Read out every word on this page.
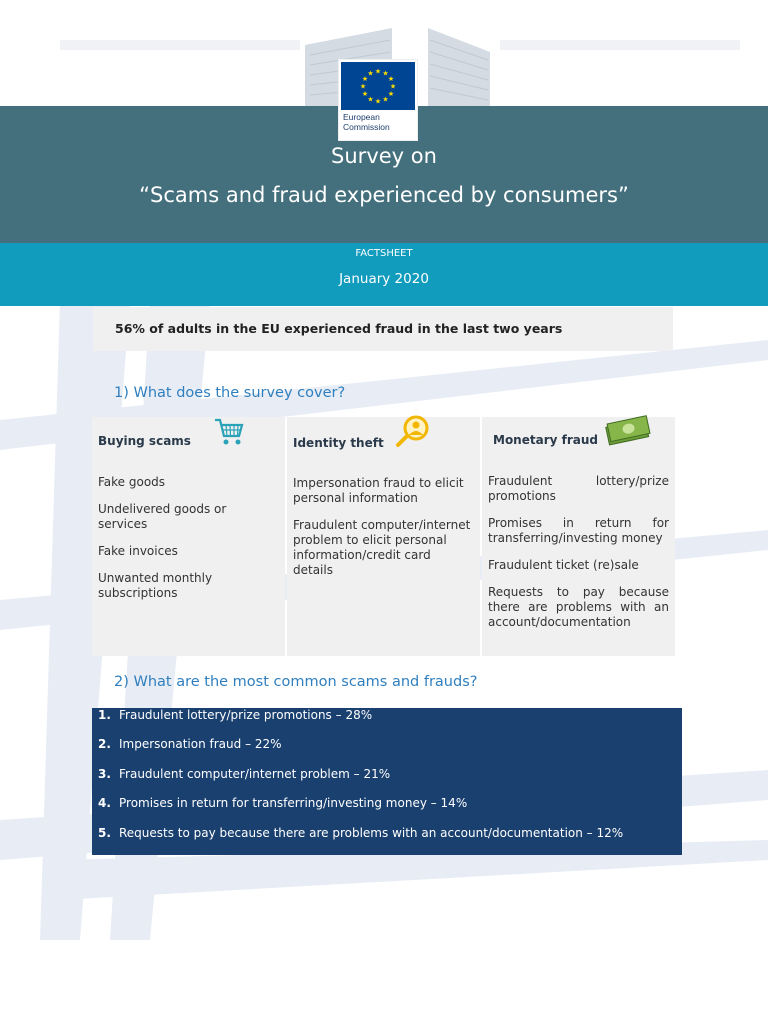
★ ★
★
★
★
★
★
★
★
★
★
★
European
Commission
Survey on
“Scams and fraud experienced by consumers”
FACTSHEET
January 2020
56% of adults in the EU experienced fraud in the last two years
1) What does the survey cover?
Buying scams

Fake goods

Undelivered goods or services

Fake invoices

Unwanted monthly subscriptions

Identity theft

Impersonation fraud to elicit personal information

Fraudulent computer/internet problem to elicit personal information/credit card details

Monetary fraud

Fraudulent lottery/prize promotions

Promises in return for transferring/investing money

Fraudulent ticket (re)sale

Requests to pay because there are problems with an account/documentation

2) What are the most common scams and frauds?
1. Fraudulent lottery/prize promotions – 28%
2. Impersonation fraud – 22%
3. Fraudulent computer/internet problem – 21%
4. Promises in return for transferring/investing money – 14%
5. Requests to pay because there are problems with an account/documentation – 12%
